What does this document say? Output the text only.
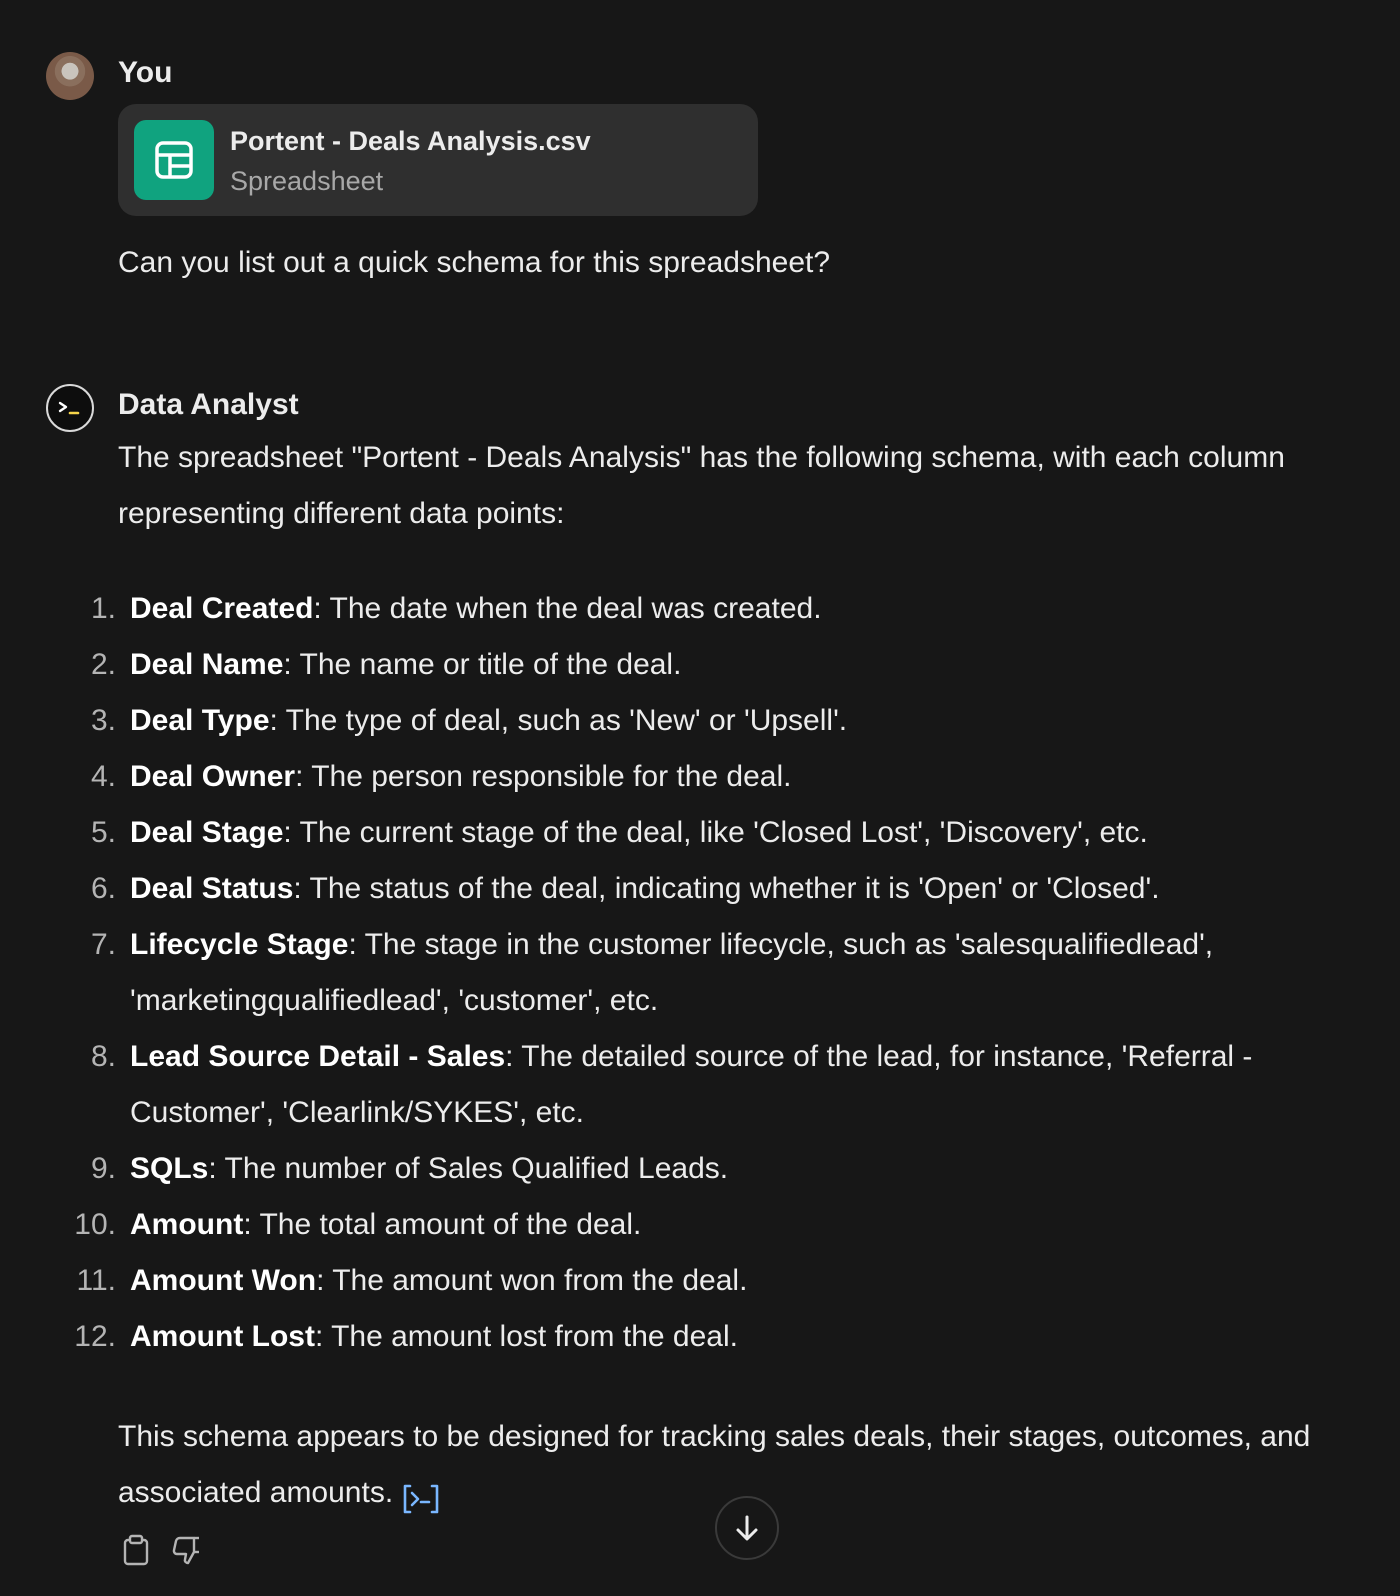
You
Portent - Deals Analysis.csv
Spreadsheet
Can you list out a quick schema for this spreadsheet?
Data Analyst
The spreadsheet "Portent - Deals Analysis" has the following schema, with each column representing different data points:
1. Deal Created: The date when the deal was created.
2. Deal Name: The name or title of the deal.
3. Deal Type: The type of deal, such as 'New' or 'Upsell'.
4. Deal Owner: The person responsible for the deal.
5. Deal Stage: The current stage of the deal, like 'Closed Lost', 'Discovery', etc.
6. Deal Status: The status of the deal, indicating whether it is 'Open' or 'Closed'.
7. Lifecycle Stage: The stage in the customer lifecycle, such as 'salesqualifiedlead', 'marketingqualifiedlead', 'customer', etc.
8. Lead Source Detail - Sales: The detailed source of the lead, for instance, 'Referral - Customer', 'Clearlink/SYKES', etc.
9. SQLs: The number of Sales Qualified Leads.
10. Amount: The total amount of the deal.
11. Amount Won: The amount won from the deal.
12. Amount Lost: The amount lost from the deal.
This schema appears to be designed for tracking sales deals, their stages, outcomes, and associated amounts.
